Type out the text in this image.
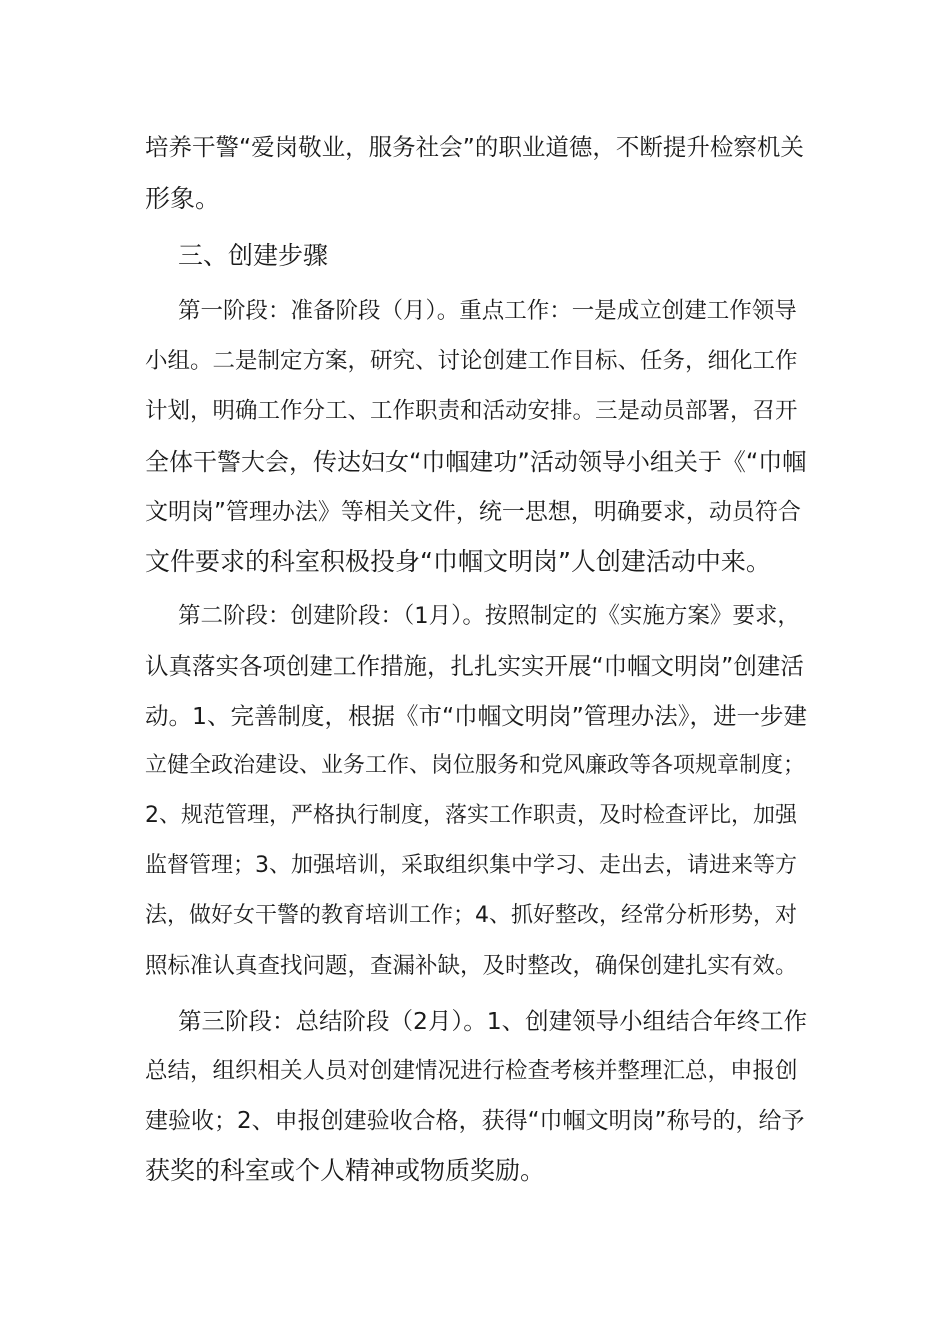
培养干警“爱岗敬业，服务社会”的职业道德，不断提升检察机关
形象。
三、创建步骤
第一阶段：准备阶段（月）。重点工作：一是成立创建工作领导
小组。二是制定方案，研究、讨论创建工作目标、任务，细化工作
计划，明确工作分工、工作职责和活动安排。三是动员部署，召开
全体干警大会，传达妇女“巾帼建功”活动领导小组关于《“巾帼
文明岗”管理办法》等相关文件，统一思想，明确要求，动员符合
文件要求的科室积极投身“巾帼文明岗”人创建活动中来。
第二阶段：创建阶段：（1月）。按照制定的《实施方案》要求，
认真落实各项创建工作措施，扎扎实实开展“巾帼文明岗”创建活
动。1、完善制度，根据《市“巾帼文明岗”管理办法》，进一步建
立健全政治建设、业务工作、岗位服务和党风廉政等各项规章制度；
2、规范管理，严格执行制度，落实工作职责，及时检查评比，加强
监督管理；3、加强培训，采取组织集中学习、走出去，请进来等方
法，做好女干警的教育培训工作；4、抓好整改，经常分析形势，对
照标准认真查找问题，查漏补缺，及时整改，确保创建扎实有效。
第三阶段：总结阶段（2月）。1、创建领导小组结合年终工作
总结，组织相关人员对创建情况进行检查考核并整理汇总，申报创
建验收；2、申报创建验收合格，获得“巾帼文明岗”称号的，给予
获奖的科室或个人精神或物质奖励。
